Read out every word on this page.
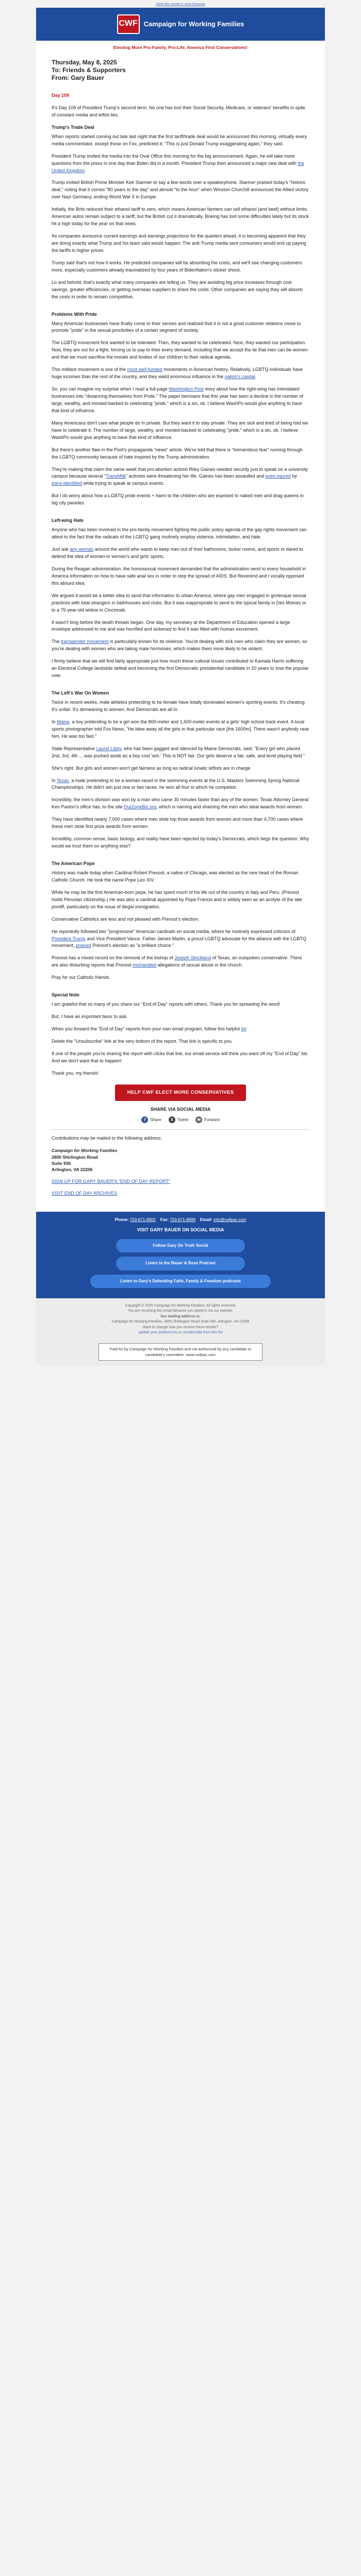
View this email in your browser
CWF Campaign for Working Families
Electing More Pro-Family, Pro-Life, America First Conservatives!
Thursday, May 8, 2025
To: Friends & Supporters
From: Gary Bauer

Day 109

It's Day 109 of President Trump's second term. No one has lost their Social Security, Medicare, or veterans' benefits in spite of constant media and leftist lies.

Trump's Trade Deal

When reports started coming out late last night that the first tariff/trade deal would be announced this morning, virtually every media commentator, except those on Fox, predicted it: "This is just Donald Trump exaggerating again," they said.

President Trump invited the media into the Oval Office this morning for the big announcement. Again, he will take more questions from the press in one day than Biden did in a month. President Trump then announced a major new deal with the United Kingdom.

Trump invited British Prime Minister Keir Starmer to say a few words over a speakerphone. Starmer praised today's "historic deal," noting that it comes "80 years to the day" and almost "to the hour" when Winston Churchill announced the Allied victory over Nazi Germany, ending World War II in Europe.

Initially, the Brits reduced their ethanol tariff to zero, which means American farmers can sell ethanol (and beef) without limits. American autos remain subject to a tariff, but the British cut it dramatically. Boeing has lost some difficulties lately but its stock hit a high today for the year on that news.

As companies announce current earnings and earnings projections for the quarters ahead, it is becoming apparent that they are doing exactly what Trump and his team said would happen: The anti-Trump media sent consumers would end up paying the tariffs in higher prices.

Trump said that's not how it works. He predicted companies will be absorbing the costs, and we'll see changing customers more, especially customers already traumatized by four years of Bidenflation's sticker shock.

Lo and behold, that's exactly what many companies are telling us. They are avoiding big price increases through cost savings, greater efficiencies, or getting overseas suppliers to share the costs. Other companies are saying they will absorb the costs in order to remain competitive.

Problems With Pride

Many American businesses have finally come to their senses and realized that it is not a good customer relations move to promote "pride" in the sexual proclivities of a certain segment of society.

The LGBTQ movement first wanted to be tolerated. Then, they wanted to be celebrated. Next, they wanted our participation. Now, they are out for a fight, forcing us to pay to their every demand, including that we accept the lie that men can be women and that we must sacrifice the morals and bodies of our children to their radical agenda.

This militant movement is one of the most well-funded movements in American history. Relatively, LGBTQ individuals have huge incomes than the rest of the country, and they wield enormous influence in the nation's capital.

So, you can imagine my surprise when I read a full-page Washington Post story about how the right-wing has intimidated businesses into "distancing themselves from Pride." The paper bemoans that this year has seen a decline in the number of large, wealthy, and monied-backed to celebrating "pride," which is a sin, ok. I believe WashPo would give anything to have that kind of influence.

Many Americans don't care what people do in private. But they want it to stay private. They are sick and tired of being told we have to celebrate it. The number of large, wealthy, and monied-backed to celebrating "pride," which is a sin, ok. I believe WashPo would give anything to have that kind of influence.

But there's another flaw in the Post's propaganda "news" article. We're told that there is "tremendous fear" running through the LGBTQ community because of hate inspired by the Trump administration.

They're making that claim the same week that pro-abortion activist Riley Gaines needed security just to speak on a university campus because several "TransMilk" activists were threatening her life. Gaines has been assaulted and even injured by trans-identified while trying to speak at campus events.

But I do worry about how a LGBTQ pride events + harm to the children who are exposed to naked men and drag queens in big city parades.

Left-wing Hate

Anyone who has been involved in the pro-family movement fighting the public policy agenda of the gay rights movement can attest to the fact that the radicals of the LGBTQ gang routinely employ violence, intimidation, and hate.

Just ask any woman around the world who wants to keep men out of their bathrooms, locker rooms, and sports or dared to defend the idea of women-in women's and girls' sports.

During the Reagan administration, the homosexual movement demanded that the administration send to every household in America information on how to have safe anal sex in order to stop the spread of AIDS. But Reverend and I vocally opposed this absurd idea.

We argued it would be a better idea to send that information to urban America, where gay men engaged in grotesque sexual practices with total strangers in bathhouses and clubs. But it was inappropriate to send to the typical family in Des Moines or to a 75-year-old widow in Cincinnati.

It wasn't long before the death threats began. One day, my secretary at the Department of Education opened a large envelope addressed to me and was horrified and sickened to find it was filled with human excrement.

The transgender movement is particularly known for its violence. You're dealing with sick men who claim they are women, so you're dealing with women who are taking male hormones, which makes them more likely to be violent.

I firmly believe that we will find fairly appropriate just how much these cultural issues contributed to Kamala Harris suffering an Electoral College landslide defeat and becoming the first Democratic presidential candidate in 20 years to lose the popular vote.

The Left's War On Women

Twice in recent weeks, male athletes pretending to be female have totally dominated women's sporting events. It's cheating. It's unfair. It's demeaning to women. And Democrats are all in.

In Maine, a boy pretending to be a girl won the 800-meter and 1,600-meter events at a girls' high school track event. A local sports photographer told Fox News, "He blew away all the girls in that particular race [the 1600m]. There wasn't anybody near him. He was too fast."

State Representative Laurel Libby, who has been gagged and silenced by Maine Democrats, said, "Every girl who placed 2nd, 3rd, 4th ... was pushed aside as a boy cost 'win.' This is NOT fair. Our girls deserve a fair, safe, and level playing field."

She's right. But girls and women won't get fairness as long as radical lunatic leftists are in charge.

In Texas, a male pretending to be a woman raced in the swimming events at the U.S. Masters Swimming Spring National Championships. He didn't win just one or two races, he won all four in which he competed.

Incredibly, the men's division was won by a man who came 30 minutes faster than any of the women. Texas Attorney General Ken Paxton's office has, to the site OutZoneBiz.org, which is naming and shaming the men who steal awards from women.

They have identified nearly 7,000 cases where men stole top three awards from women and more than 4,700 cases where these men stole first prize awards from women.

Incredibly, common sense, basic biology, and reality have been rejected by today's Democrats, which begs the question: Why would we trust them on anything else?

The American Pope

History was made today when Cardinal Robert Prevost, a native of Chicago, was elected as the new head of the Roman Catholic Church. He took the name Pope Leo XIV.

While he may be the first American-born pope, he has spent much of his life out of the country in Italy and Peru. (Prevost holds Peruvian citizenship.) He was also a cardinal appointed by Pope Francis and is widely seen as an acolyte of the late pontiff, particularly on the issue of illegal immigration.

Conservative Catholics are less and not pleased with Prevost's election.

He reportedly followed two "progressive" American cardinals on social media, where he routinely expressed criticism of President Trump and Vice President Vance. Father James Martin, a proud LGBTQ advocate for the alliance with the LGBTQ movement, praised Prevost's election as "a brilliant choice."

Prevost has a mixed record on the removal of the bishop of Joseph Strickland of Texas, an outspoken conservative. There are also disturbing reports that Prevost mishandled allegations of sexual abuse in the church.

Pray for our Catholic friends.

Special Note

I am grateful that so many of you share our "End of Day" reports with others. Thank you for spreading the word!

But, I have an important favor to ask.

When you forward the "End of Day" reports from your own email program, follow this helpful tip:

Delete the "Unsubscribe" link at the very bottom of the report. That link is specific to you.

If one of the people you're sharing the report with clicks that link, our email service will think you want off my "End of Day" list. And we don't want that to happen!

Thank you, my friends!

HELP CWF ELECT MORE CONSERVATIVES
SHARE VIA SOCIAL MEDIA
f	Share	X Tweet	✉ Forward

Contributions may be mailed to the following address:

Campaign for Working Families
2800 Shirlington Road
Suite 930
Arlington, VA 22206

SIGN UP FOR GARY BAUER'S "END OF DAY REPORT"

VISIT END OF DAY ARCHIVES

Phone: 703-671-8800 Fax: 703-671-8899 Email: info@cwfpac.com
VISIT GARY BAUER ON SOCIAL MEDIA
Follow Gary On Truth Social
Listen to the Bauer & Rose Podcast
Listen to Gary's Defending Faith, Family & Freedom podcasts
Copyright © 2025 Campaign for Working Families, All rights reserved.
You are receiving this email because you opted in via our website.
Our mailing address is:
Campaign for Working Families, 2800 Shirlington Road Suite 930, Arlington, VA 22206
Want to change how you receive these emails?
update your preferences or unsubscribe from this list
Paid for by Campaign for Working Families and not authorized by any candidate or candidate's committee. www.cwfpac.com
